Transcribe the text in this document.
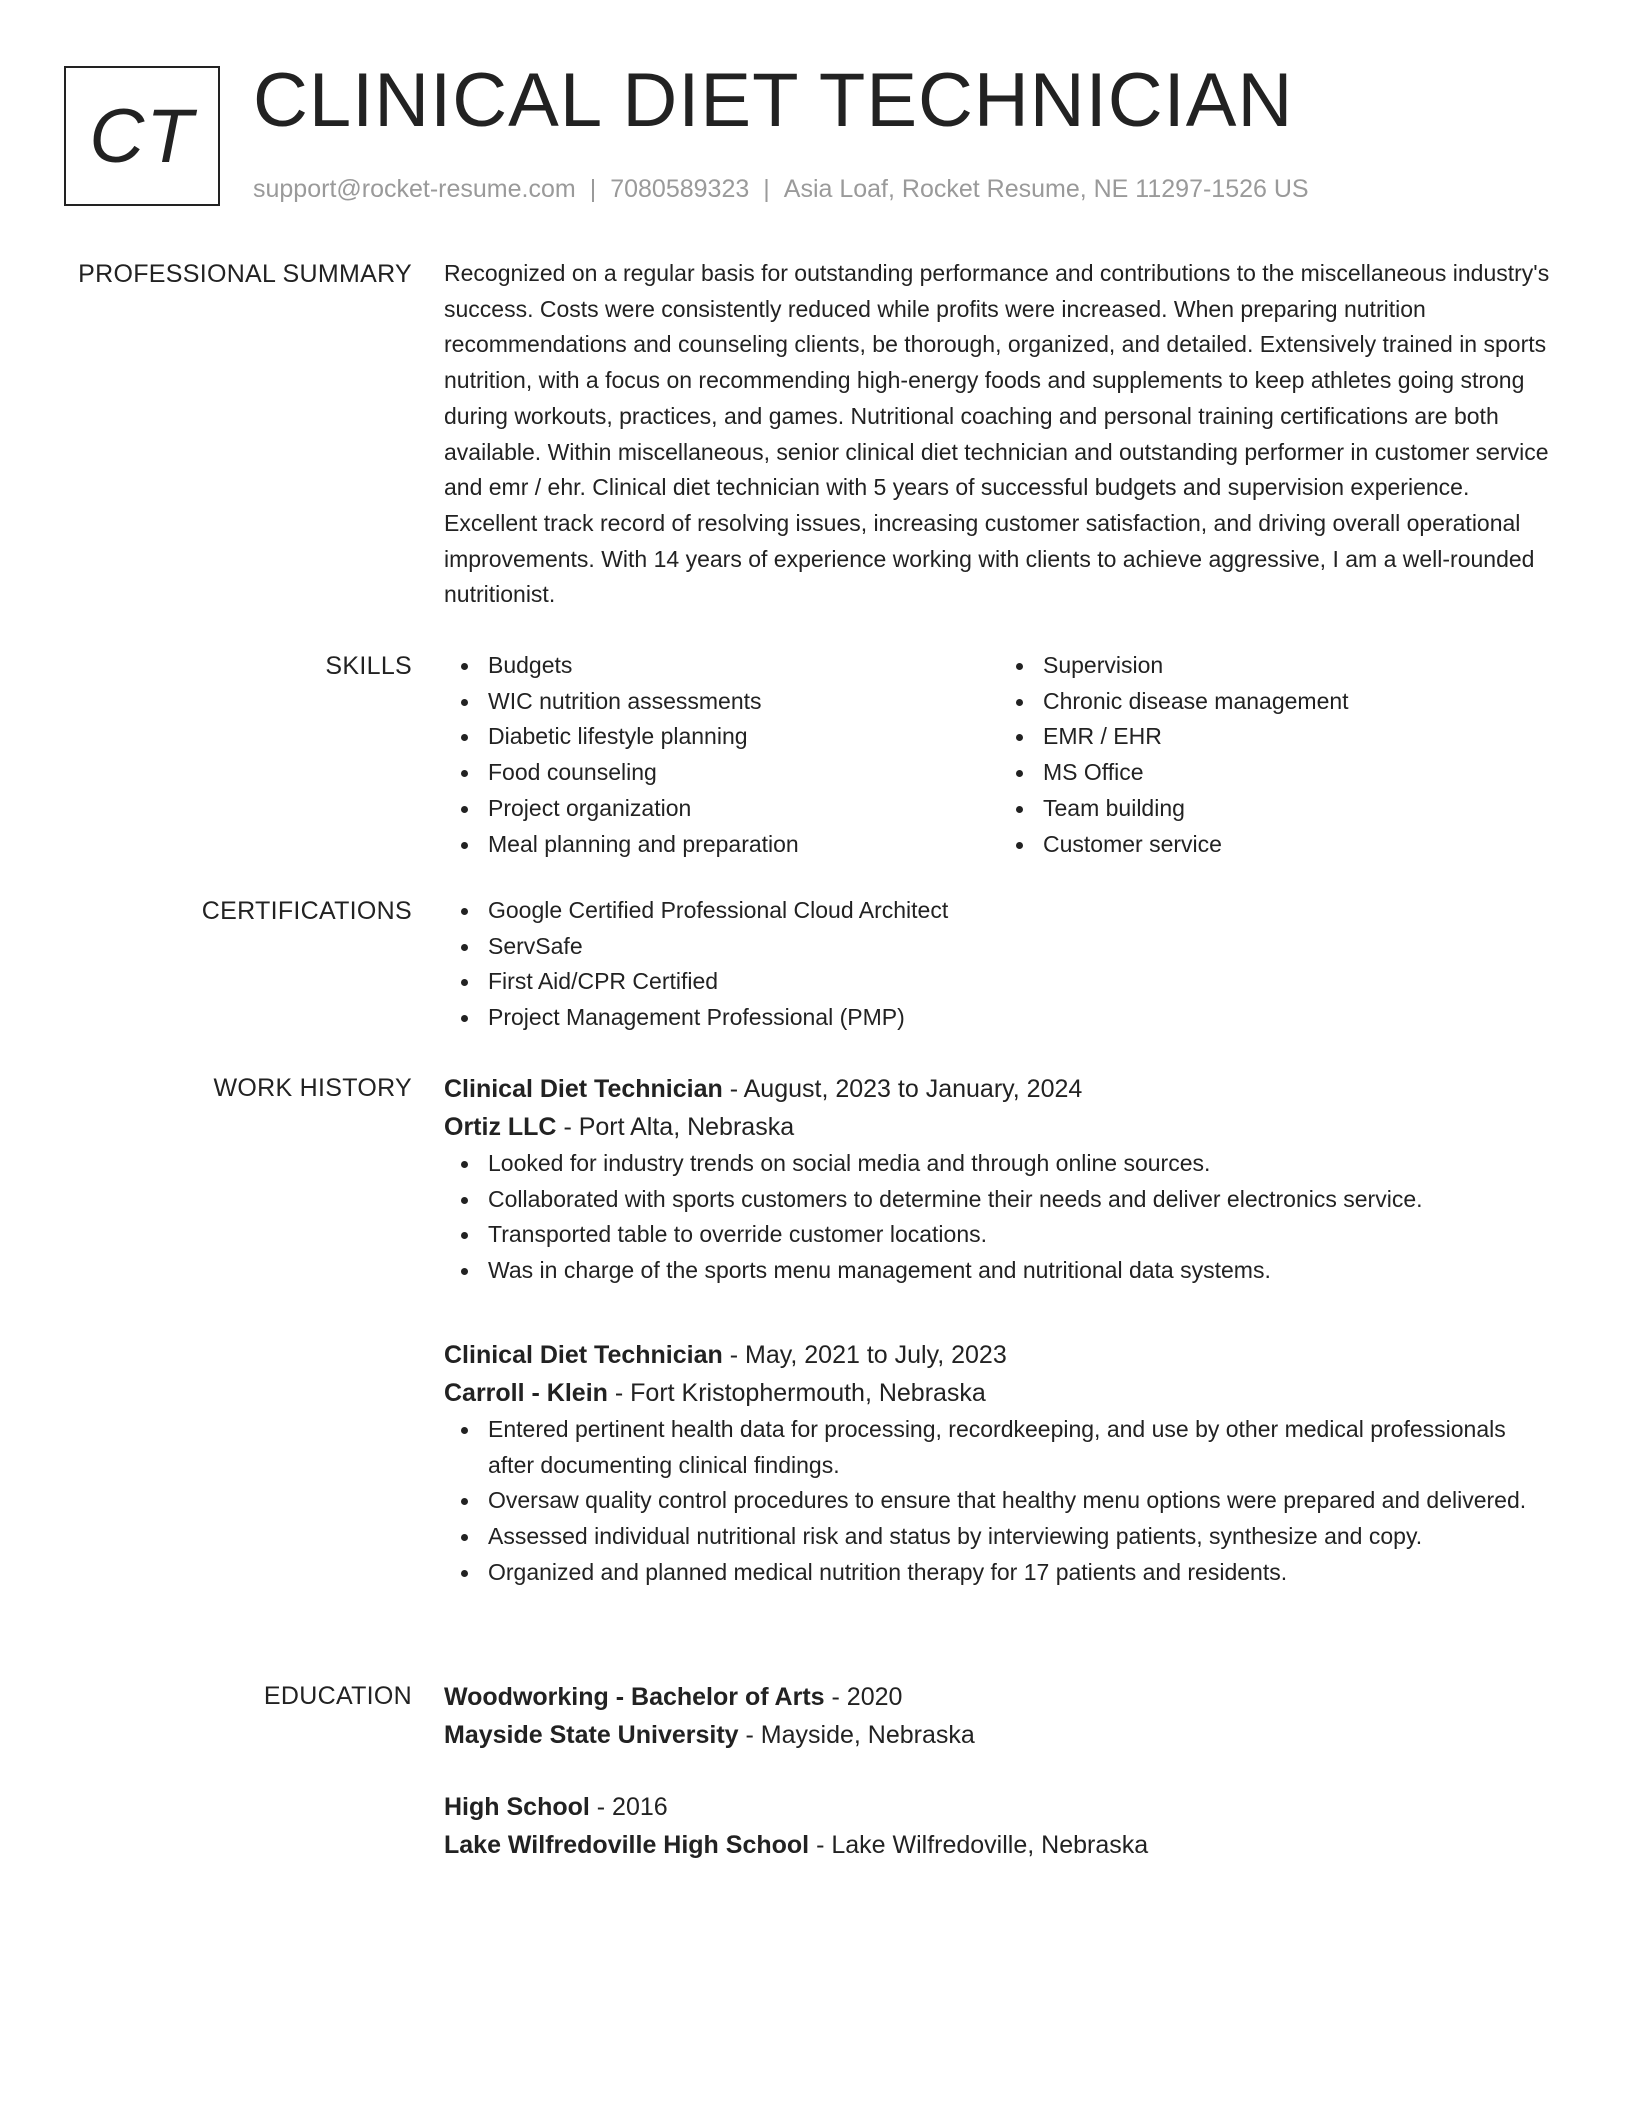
CT CLINICAL DIET TECHNICIAN
support@rocket-resume.com | 7080589323 | Asia Loaf, Rocket Resume, NE 11297-1526 US
PROFESSIONAL SUMMARY Recognized on a regular basis for outstanding performance and contributions to the miscellaneous industry's success. Costs were consistently reduced while profits were increased. When preparing nutrition recommendations and counseling clients, be thorough, organized, and detailed. Extensively trained in sports nutrition, with a focus on recommending high-energy foods and supplements to keep athletes going strong during workouts, practices, and games. Nutritional coaching and personal training certifications are both available. Within miscellaneous, senior clinical diet technician and outstanding performer in customer service and emr / ehr. Clinical diet technician with 5 years of successful budgets and supervision experience. Excellent track record of resolving issues, increasing customer satisfaction, and driving overall operational improvements. With 14 years of experience working with clients to achieve aggressive, I am a well-rounded nutritionist.

SKILLS	Budgets
WIC nutrition assessments
Diabetic lifestyle planning
Food counseling
Project organization
Meal planning and preparation
Supervision
Chronic disease management
EMR / EHR
MS Office
Team building
Customer service
CERTIFICATIONS	Google Certified Professional Cloud Architect
ServSafe
First Aid/CPR Certified
Project Management Professional (PMP)
WORK HISTORY Clinical Diet Technician - August, 2023 to January, 2024
Ortiz LLC - Port Alta, Nebraska
Looked for industry trends on social media and through online sources.
Collaborated with sports customers to determine their needs and deliver electronics service.
Transported table to override customer locations.
Was in charge of the sports menu management and nutritional data systems.
Clinical Diet Technician - May, 2021 to July, 2023
Carroll - Klein - Fort Kristophermouth, Nebraska
Entered pertinent health data for processing, recordkeeping, and use by other medical professionals after documenting clinical findings.
Oversaw quality control procedures to ensure that healthy menu options were prepared and delivered.
Assessed individual nutritional risk and status by interviewing patients, synthesize and copy.
Organized and planned medical nutrition therapy for 17 patients and residents.
EDUCATION Woodworking - Bachelor of Arts - 2020
Mayside State University - Mayside, Nebraska
High School - 2016
Lake Wilfredoville High School - Lake Wilfredoville, Nebraska
